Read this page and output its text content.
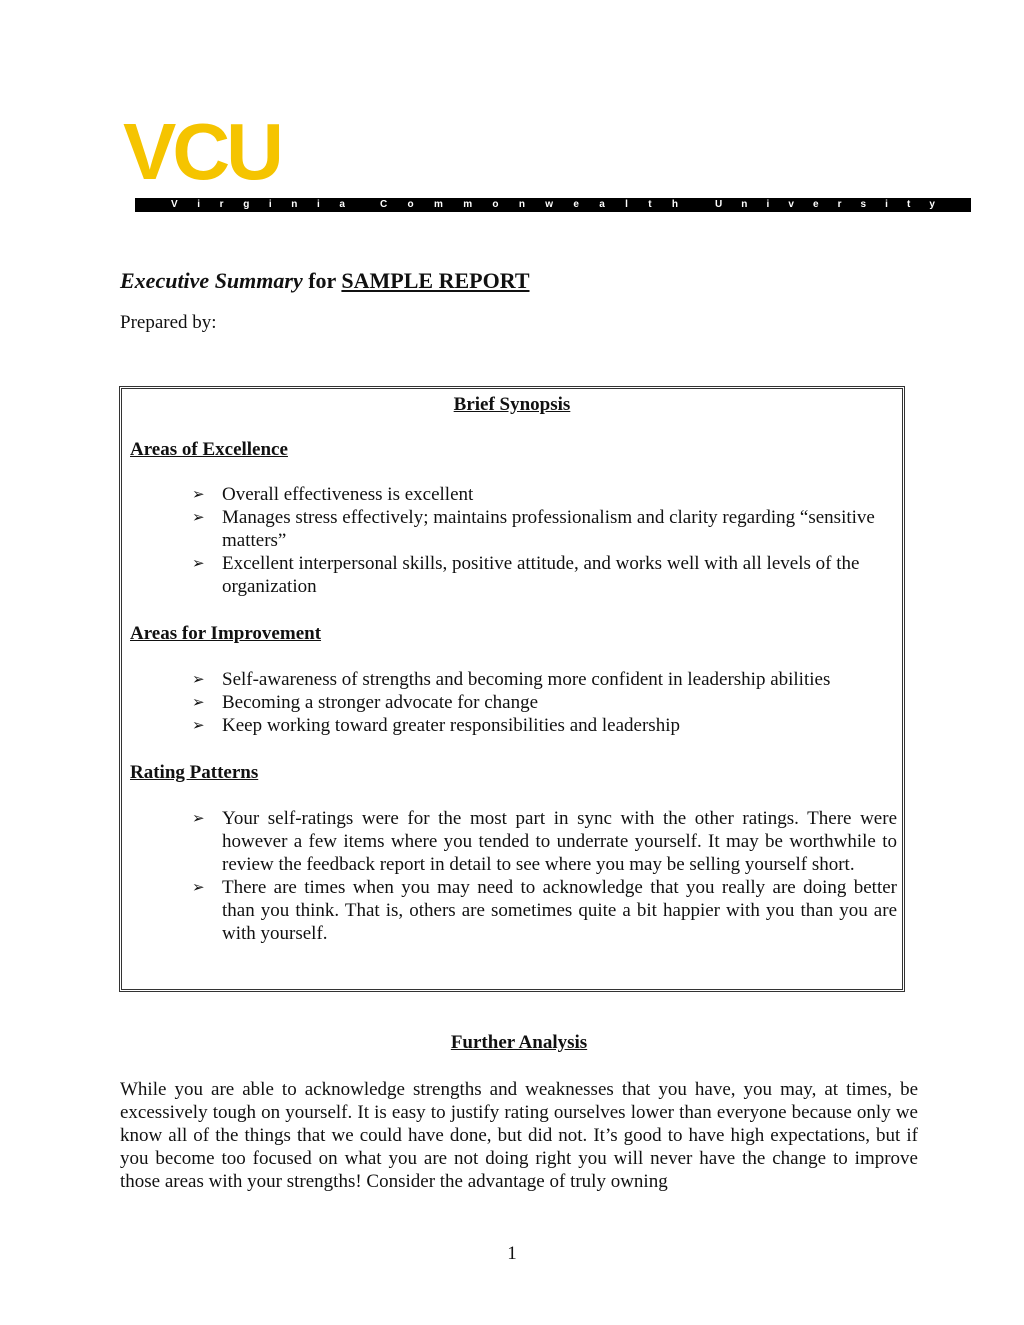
VCU
V i r g i n i a	C o m m o n w e a l t h	U n i v e r s i t y
Executive Summary for SAMPLE REPORT
Prepared by:
Brief Synopsis
Areas of Excellence
➢ Overall effectiveness is excellent
➢ Manages stress effectively; maintains professionalism and clarity regarding “sensitive matters”
➢ Excellent interpersonal skills, positive attitude, and works well with all levels of the organization
Areas for Improvement
➢ Self-awareness of strengths and becoming more confident in leadership abilities
➢ Becoming a stronger advocate for change
➢ Keep working toward greater responsibilities and leadership
Rating Patterns
➢ Your self-ratings were for the most part in sync with the other ratings. There were however a few items where you tended to underrate yourself. It may be worthwhile to review the feedback report in detail to see where you may be selling yourself short.
➢ There are times when you may need to acknowledge that you really are doing better than you think. That is, others are sometimes quite a bit happier with you than you are with yourself.
Further Analysis

While you are able to acknowledge strengths and weaknesses that you have, you may, at times, be excessively tough on yourself. It is easy to justify rating ourselves lower than everyone because only we know all of the things that we could have done, but did not. It’s good to have high expectations, but if you become too focused on what you are not doing right you will never have the change to improve those areas with your strengths! Consider the advantage of truly owning

1
